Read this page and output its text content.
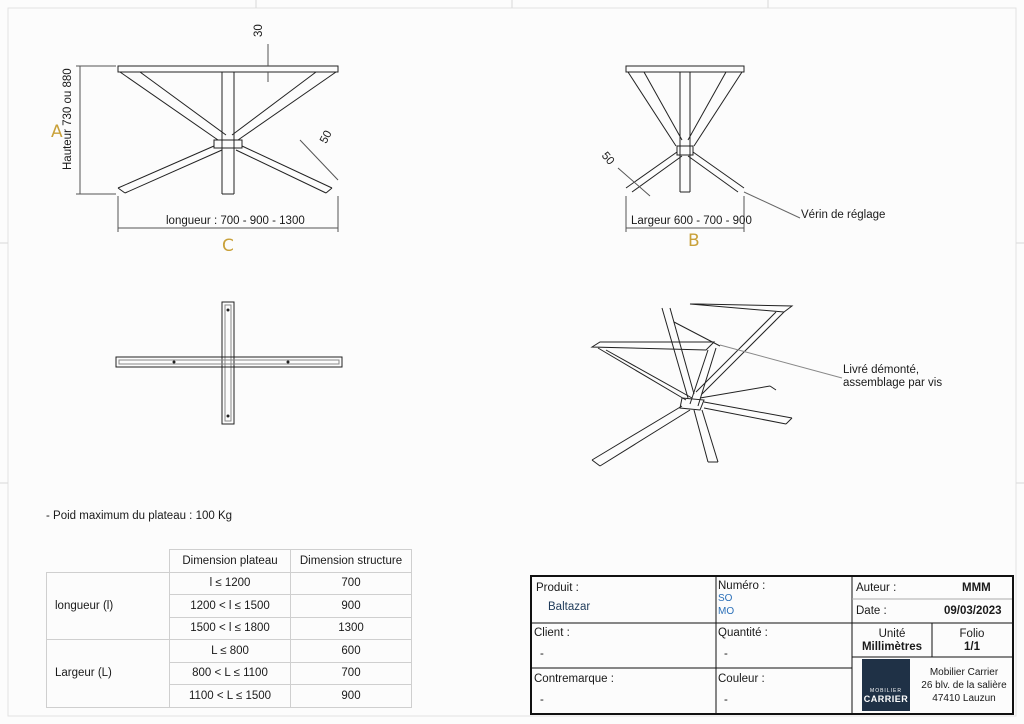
A Hauteur 730 ou 880
30
50
longueur : 700 - 900 - 1300
C
50
Largeur 600 - 700 - 900
B
Vérin de réglage
Livré démonté,
assemblage par vis
- Poid maximum du plateau : 100 Kg
	Dimension plateau	Dimension structure
longueur (l)	l ≤ 1200	700
	1200 < l ≤ 1500	900
	1500 < l ≤ 1800	1300
Largeur (L)	L ≤ 800	600
	800 < L ≤ 1100	700
	1100 < L ≤ 1500	900
Produit :
Baltazar
Numéro :
SO
MO
Auteur :	MMM
Date :	09/03/2023
Client :
-
Quantité :
-
Unité
Millimètres
Folio
1/1
Contremarque :
-
Couleur :
-
MOBILIER
CARRIER
Mobilier Carrier
26 blv. de la salière
47410 Lauzun
